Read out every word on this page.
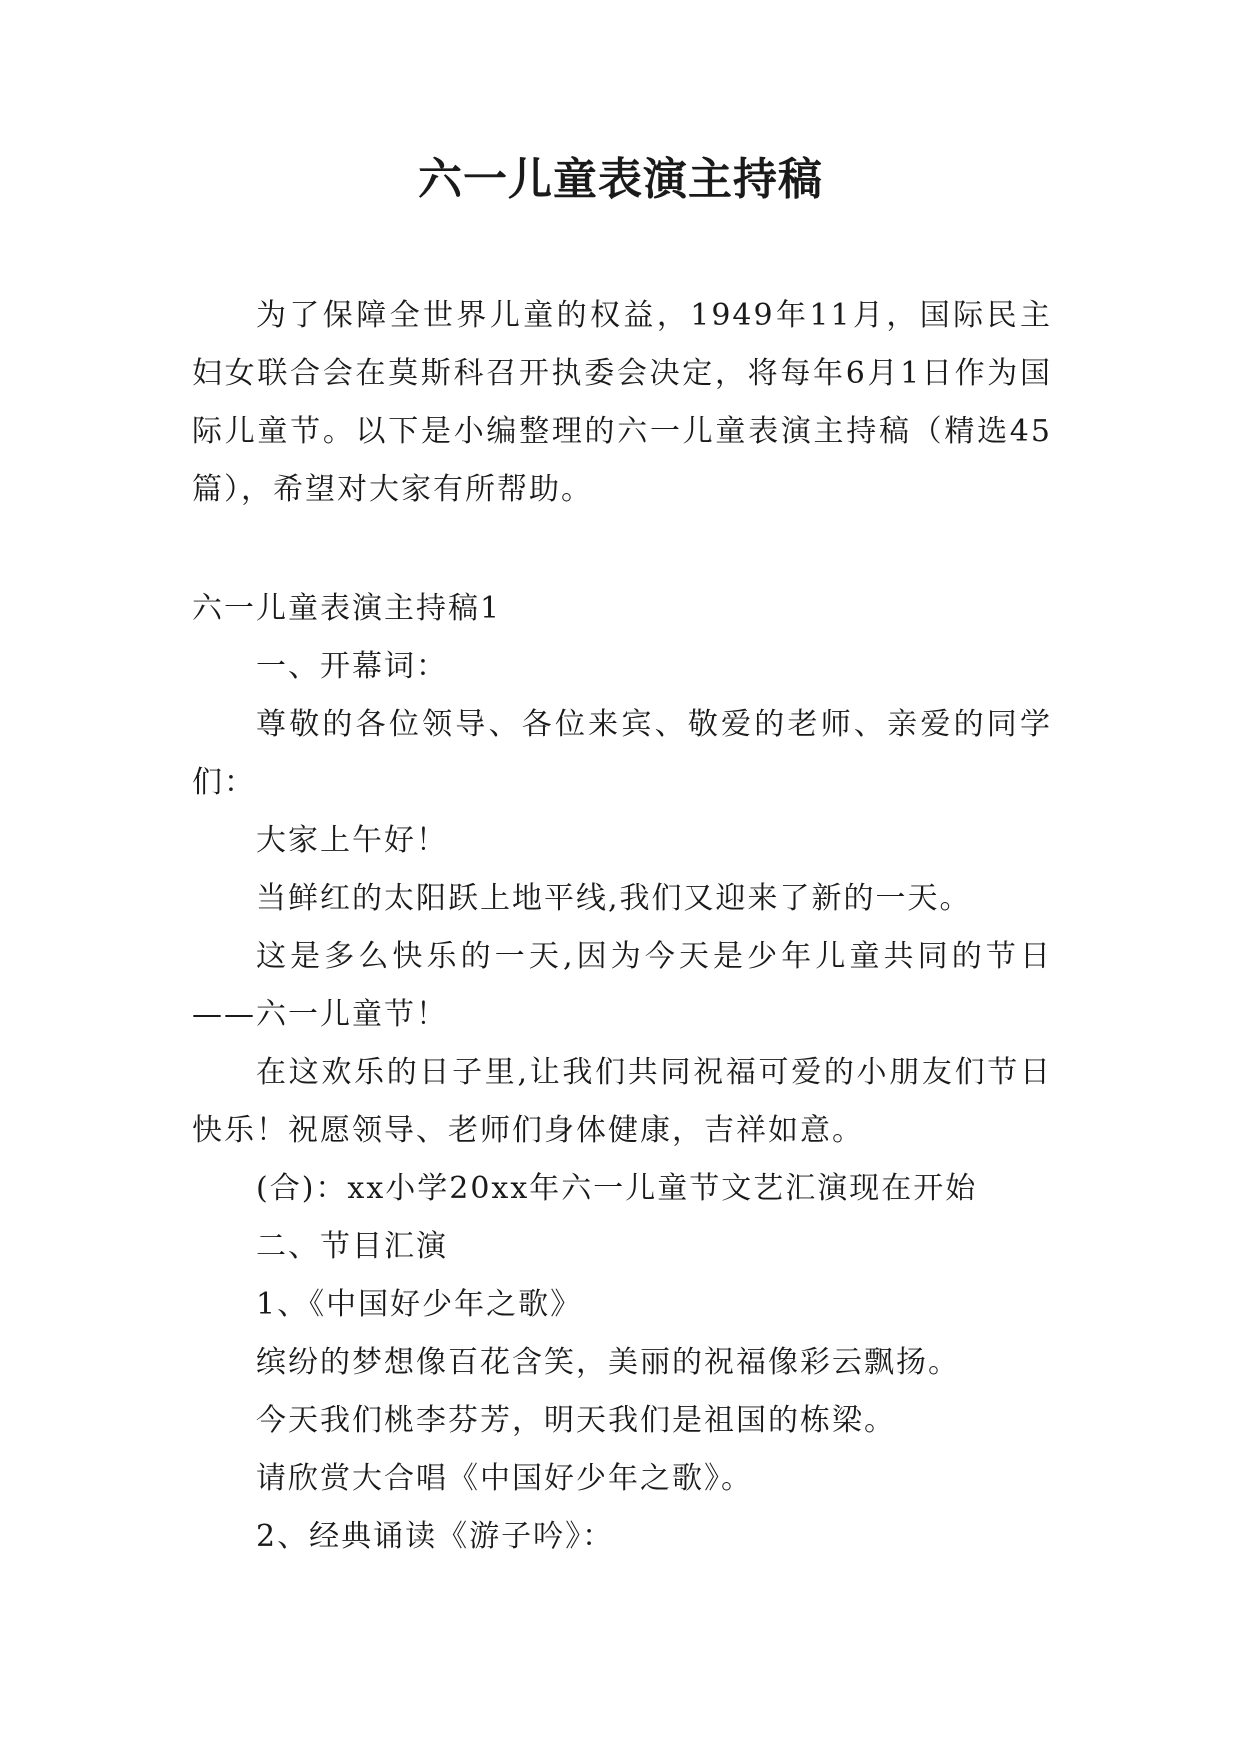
六一儿童表演主持稿

为了保障全世界儿童的权益，1949年11月，国际民主妇女联合会在莫斯科召开执委会决定，将每年6月1日作为国际儿童节。以下是小编整理的六一儿童表演主持稿（精选45篇），希望对大家有所帮助。

六一儿童表演主持稿1

一、开幕词：

尊敬的各位领导、各位来宾、敬爱的老师、亲爱的同学们：

大家上午好！

当鲜红的太阳跃上地平线,我们又迎来了新的一天。

这是多么快乐的一天,因为今天是少年儿童共同的节日——六一儿童节！

在这欢乐的日子里,让我们共同祝福可爱的小朋友们节日快乐！祝愿领导、老师们身体健康，吉祥如意。

(合)：xx小学20xx年六一儿童节文艺汇演现在开始

二、节目汇演

1、《中国好少年之歌》

缤纷的梦想像百花含笑，美丽的祝福像彩云飘扬。

今天我们桃李芬芳，明天我们是祖国的栋梁。

请欣赏大合唱《中国好少年之歌》。

2、经典诵读《游子吟》：
